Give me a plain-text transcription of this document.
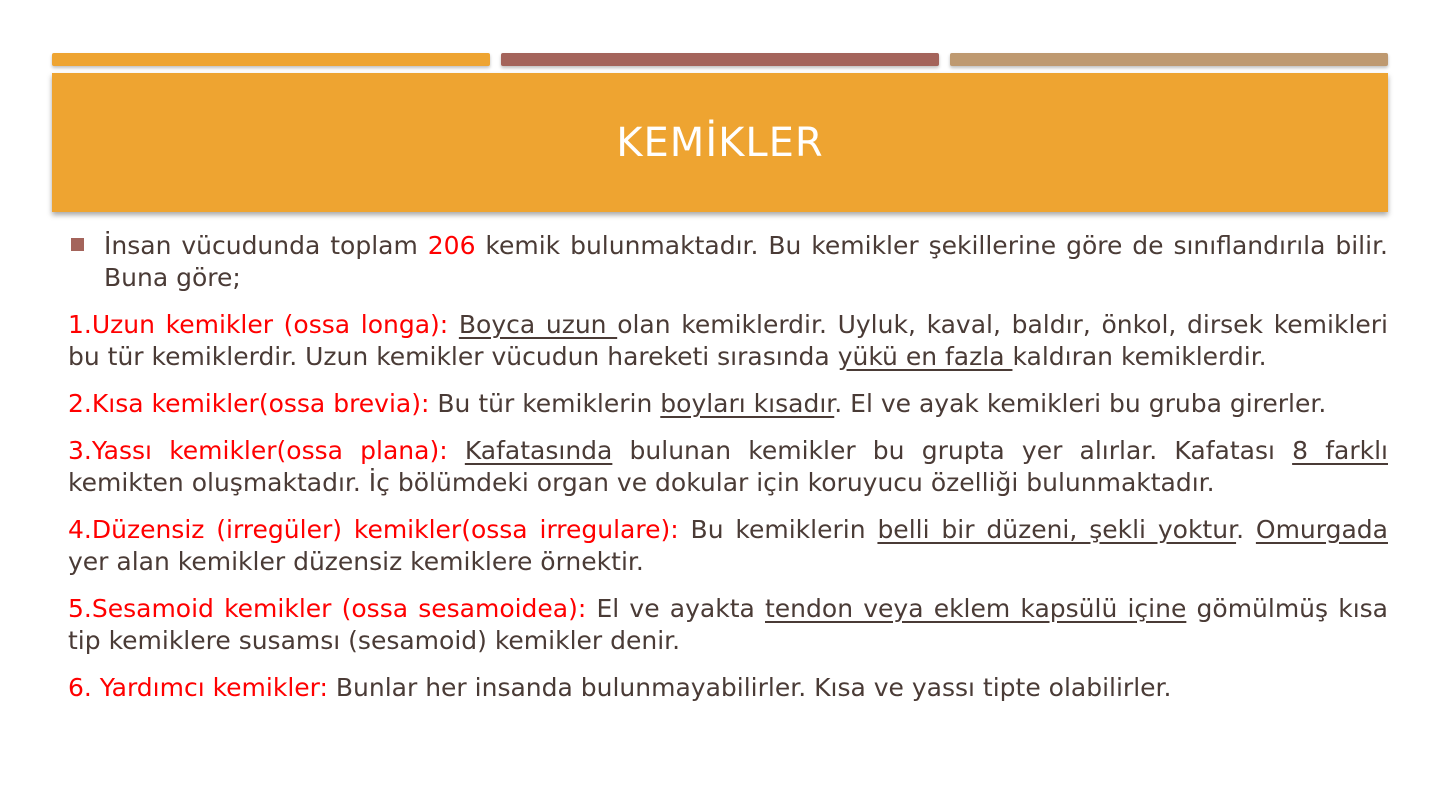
KEMİKLER

İnsan vücudunda toplam 206 kemik bulunmaktadır. Bu kemikler şekillerine göre de sınıflandırıla bilir. Buna göre;

1.Uzun kemikler (ossa longa): Boyca uzun olan kemiklerdir. Uyluk, kaval, baldır, önkol, dirsek kemikleri bu tür kemiklerdir. Uzun kemikler vücudun hareketi sırasında yükü en fazla kaldıran kemiklerdir.

2.Kısa kemikler(ossa brevia): Bu tür kemiklerin boyları kısadır. El ve ayak kemikleri bu gruba girerler.

3.Yassı kemikler(ossa plana): Kafatasında bulunan kemikler bu grupta yer alırlar. Kafatası 8 farklı kemikten oluşmaktadır. İç bölümdeki organ ve dokular için koruyucu özelliği bulunmaktadır.

4.Düzensiz (irregüler) kemikler(ossa irregulare): Bu kemiklerin belli bir düzeni, şekli yoktur. Omurgada yer alan kemikler düzensiz kemiklere örnektir.

5.Sesamoid kemikler (ossa sesamoidea): El ve ayakta tendon veya eklem kapsülü içine gömülmüş kısa tip kemiklere susamsı (sesamoid) kemikler denir.

6. Yardımcı kemikler: Bunlar her insanda bulunmayabilirler. Kısa ve yassı tipte olabilirler.
